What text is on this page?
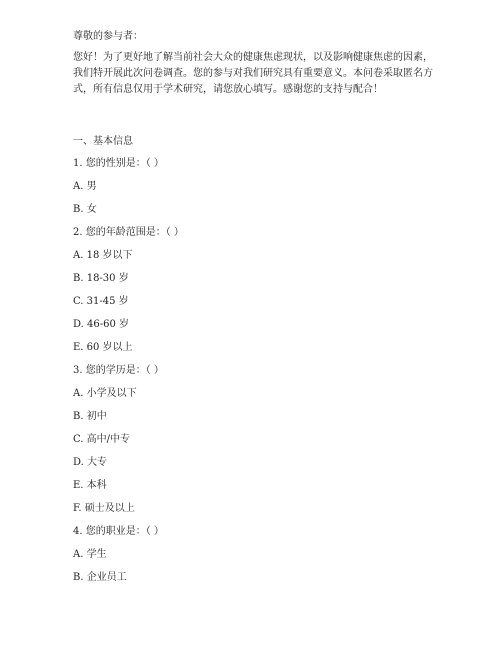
尊敬的参与者：
您好！为了更好地了解当前社会大众的健康焦虑现状，以及影响健康焦虑的因素，
我们特开展此次问卷调查。您的参与对我们研究具有重要意义。本问卷采取匿名方
式，所有信息仅用于学术研究，请您放心填写。感谢您的支持与配合！
一、基本信息
1. 您的性别是：（ ）
A. 男
B. 女
2. 您的年龄范围是：（ ）
A. 18 岁以下
B. 18-30 岁
C. 31-45 岁
D. 46-60 岁
E. 60 岁以上
3. 您的学历是：（ ）
A. 小学及以下
B. 初中
C. 高中/中专
D. 大专
E. 本科
F. 硕士及以上
4. 您的职业是：（ ）
A. 学生
B. 企业员工
